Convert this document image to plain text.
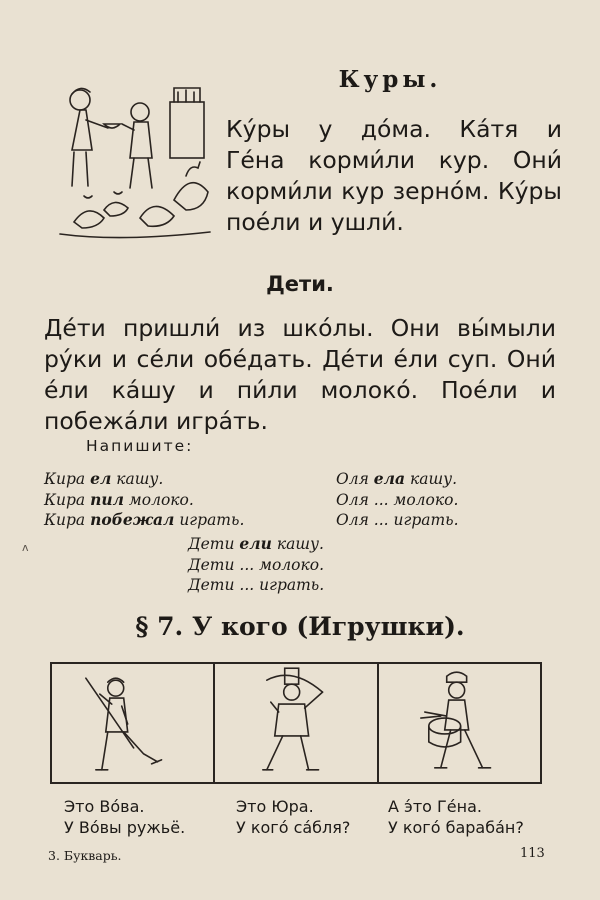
Куры.
Ку́ры у до́ма. Ка́тя и
Ге́на корми́ли кур. Они́
корми́ли кур зерно́м. Ку́ры
пое́ли и ушли́.
Дети.
Де́ти пришли́ из шко́лы. Они вы́мыли
ру́ки и се́ли обе́дать. Де́ти е́ли суп. Они́
е́ли ка́шу и пи́ли молоко́. Пое́ли и
побежа́ли игра́ть.
Напишите:
Кира ел кашу.
Кира пил молоко.
Кира побежал играть.
Оля ела кашу.
Оля ... молоко.
Оля ... играть.
ᴧ	Дети ели кашу.
Дети ... молоко.
Дети ... играть.
§ 7. У кого (Игрушки).
Это Во́ва.
У Во́вы ружьё.
Это Юра.
У кого́ са́бля?
А э́то Ге́на.
У кого́ бараба́н?
3. Букварь.	113
